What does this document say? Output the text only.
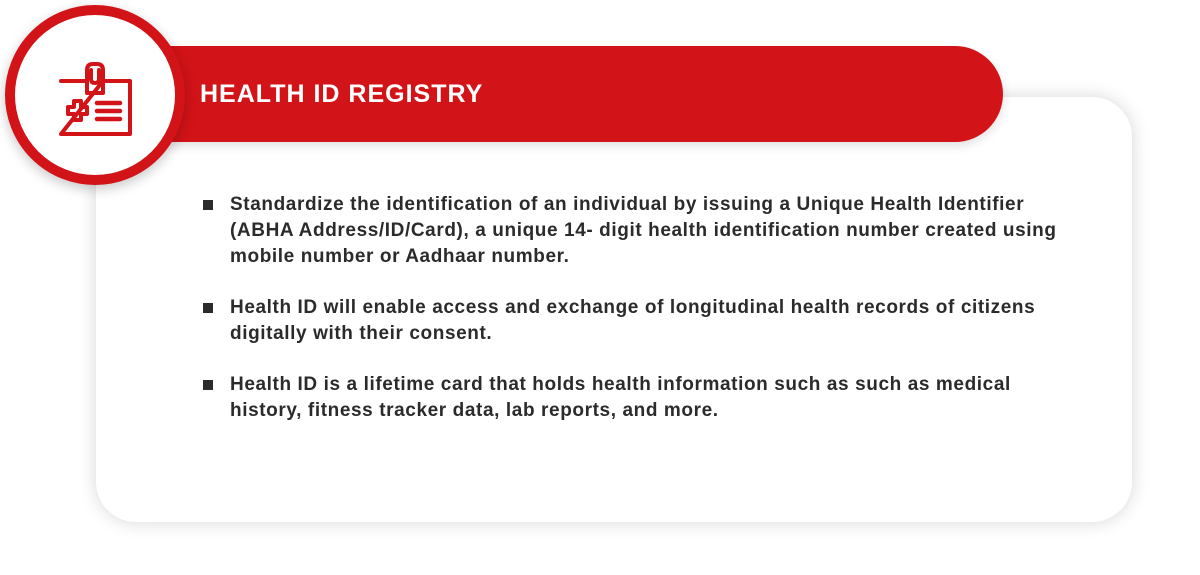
HEALTH ID REGISTRY
Standardize the identification of an individual by issuing a Unique Health Identifier (ABHA Address/ID/Card), a unique 14- digit health identification number created using mobile number or Aadhaar number.
Health ID will enable access and exchange of longitudinal health records of citizens digitally with their consent.
Health ID is a lifetime card that holds health information such as such as medical history, fitness tracker data, lab reports, and more.
